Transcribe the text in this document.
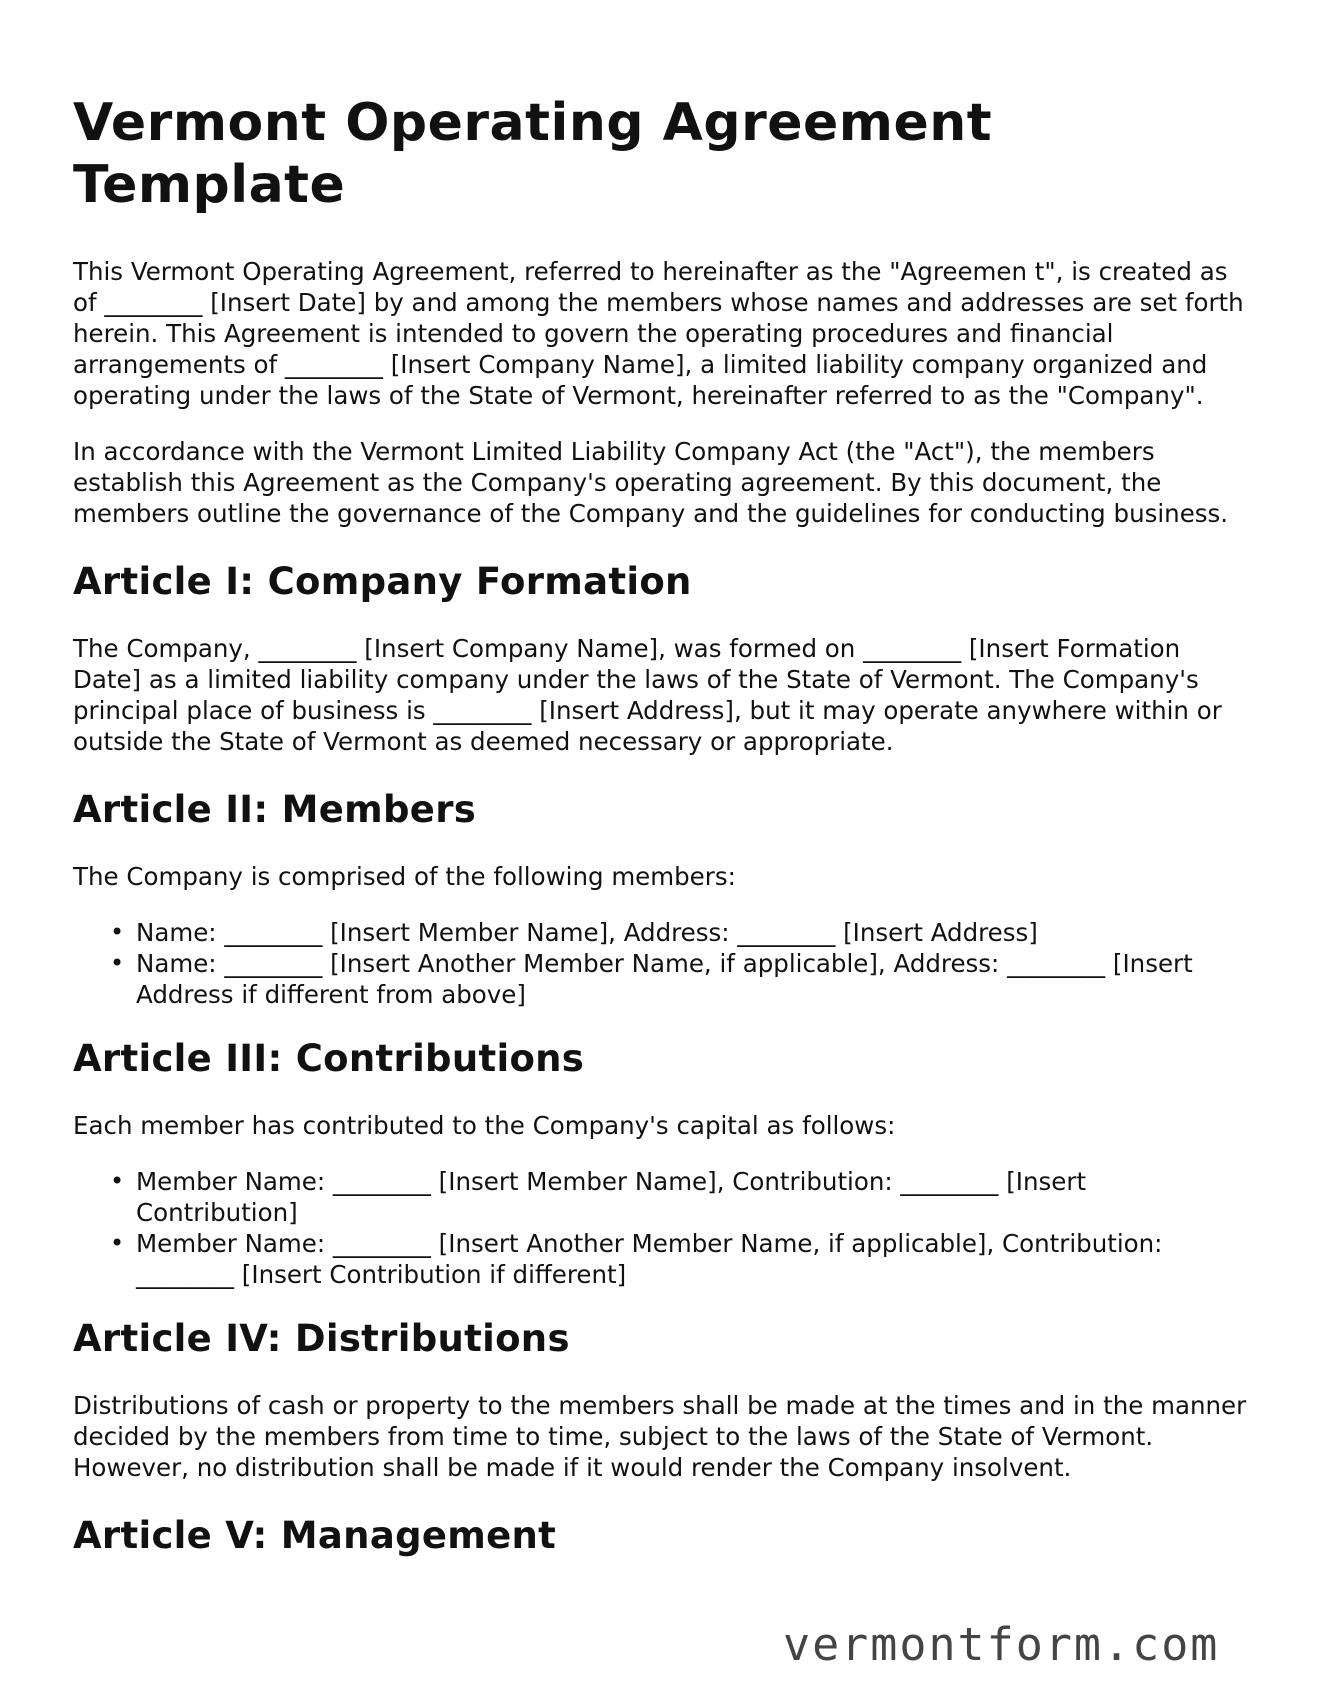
Vermont Operating Agreement Template

This Vermont Operating Agreement, referred to hereinafter as the "Agreemen t", is created as of ________ [Insert Date] by and among the members whose names and addresses are set forth herein. This Agreement is intended to govern the operating procedures and financial arrangements of ________ [Insert Company Name], a limited liability company organized and operating under the laws of the State of Vermont, hereinafter referred to as the "Company".

In accordance with the Vermont Limited Liability Company Act (the "Act"), the members establish this Agreement as the Company's operating agreement. By this document, the members outline the governance of the Company and the guidelines for conducting business.

Article I: Company Formation

The Company, ________ [Insert Company Name], was formed on ________ [Insert Formation Date] as a limited liability company under the laws of the State of Vermont. The Company's principal place of business is ________ [Insert Address], but it may operate anywhere within or outside the State of Vermont as deemed necessary or appropriate.

Article II: Members

The Company is comprised of the following members:

• Name: ________ [Insert Member Name], Address: ________ [Insert Address]
• Name: ________ [Insert Another Member Name, if applicable], Address: ________ [Insert Address if different from above]
Article III: Contributions

Each member has contributed to the Company's capital as follows:

• Member Name: ________ [Insert Member Name], Contribution: ________ [Insert Contribution]
• Member Name: ________ [Insert Another Member Name, if applicable], Contribution: ________ [Insert Contribution if different]
Article IV: Distributions

Distributions of cash or property to the members shall be made at the times and in the manner decided by the members from time to time, subject to the laws of the State of Vermont. However, no distribution shall be made if it would render the Company insolvent.

Article V: Management
vermontform.com
